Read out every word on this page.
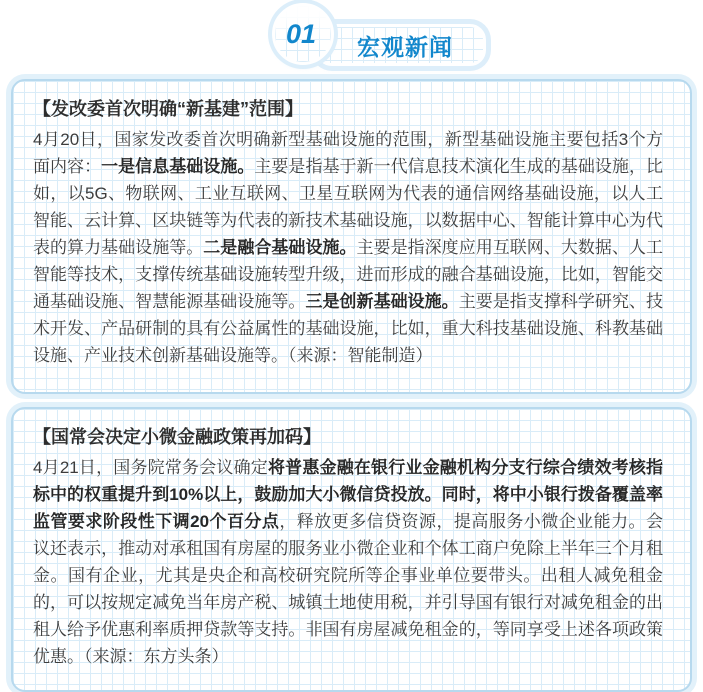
宏观新闻
01
【发改委首次明确“新基建”范围】

4月20日，国家发改委首次明确新型基础设施的范围，新型基础设施主要包括3个方面内容：一是信息基础设施。主要是指基于新一代信息技术演化生成的基础设施，比如，以5G、物联网、工业互联网、卫星互联网为代表的通信网络基础设施，以人工智能、云计算、区块链等为代表的新技术基础设施，以数据中心、智能计算中心为代表的算力基础设施等。二是融合基础设施。主要是指深度应用互联网、大数据、人工智能等技术，支撑传统基础设施转型升级，进而形成的融合基础设施，比如，智能交通基础设施、智慧能源基础设施等。三是创新基础设施。主要是指支撑科学研究、技术开发、产品研制的具有公益属性的基础设施，比如，重大科技基础设施、科教基础设施、产业技术创新基础设施等。（来源：智能制造）

【国常会决定小微金融政策再加码】

4月21日，国务院常务会议确定将普惠金融在银行业金融机构分支行综合绩效考核指标中的权重提升到10%以上，鼓励加大小微信贷投放。同时，将中小银行拨备覆盖率监管要求阶段性下调20个百分点，释放更多信贷资源，提高服务小微企业能力。会议还表示，推动对承租国有房屋的服务业小微企业和个体工商户免除上半年三个月租金。国有企业，尤其是央企和高校研究院所等企事业单位要带头。出租人减免租金的，可以按规定减免当年房产税、城镇土地使用税，并引导国有银行对减免租金的出租人给予优惠利率质押贷款等支持。非国有房屋减免租金的，等同享受上述各项政策优惠。（来源：东方头条）
